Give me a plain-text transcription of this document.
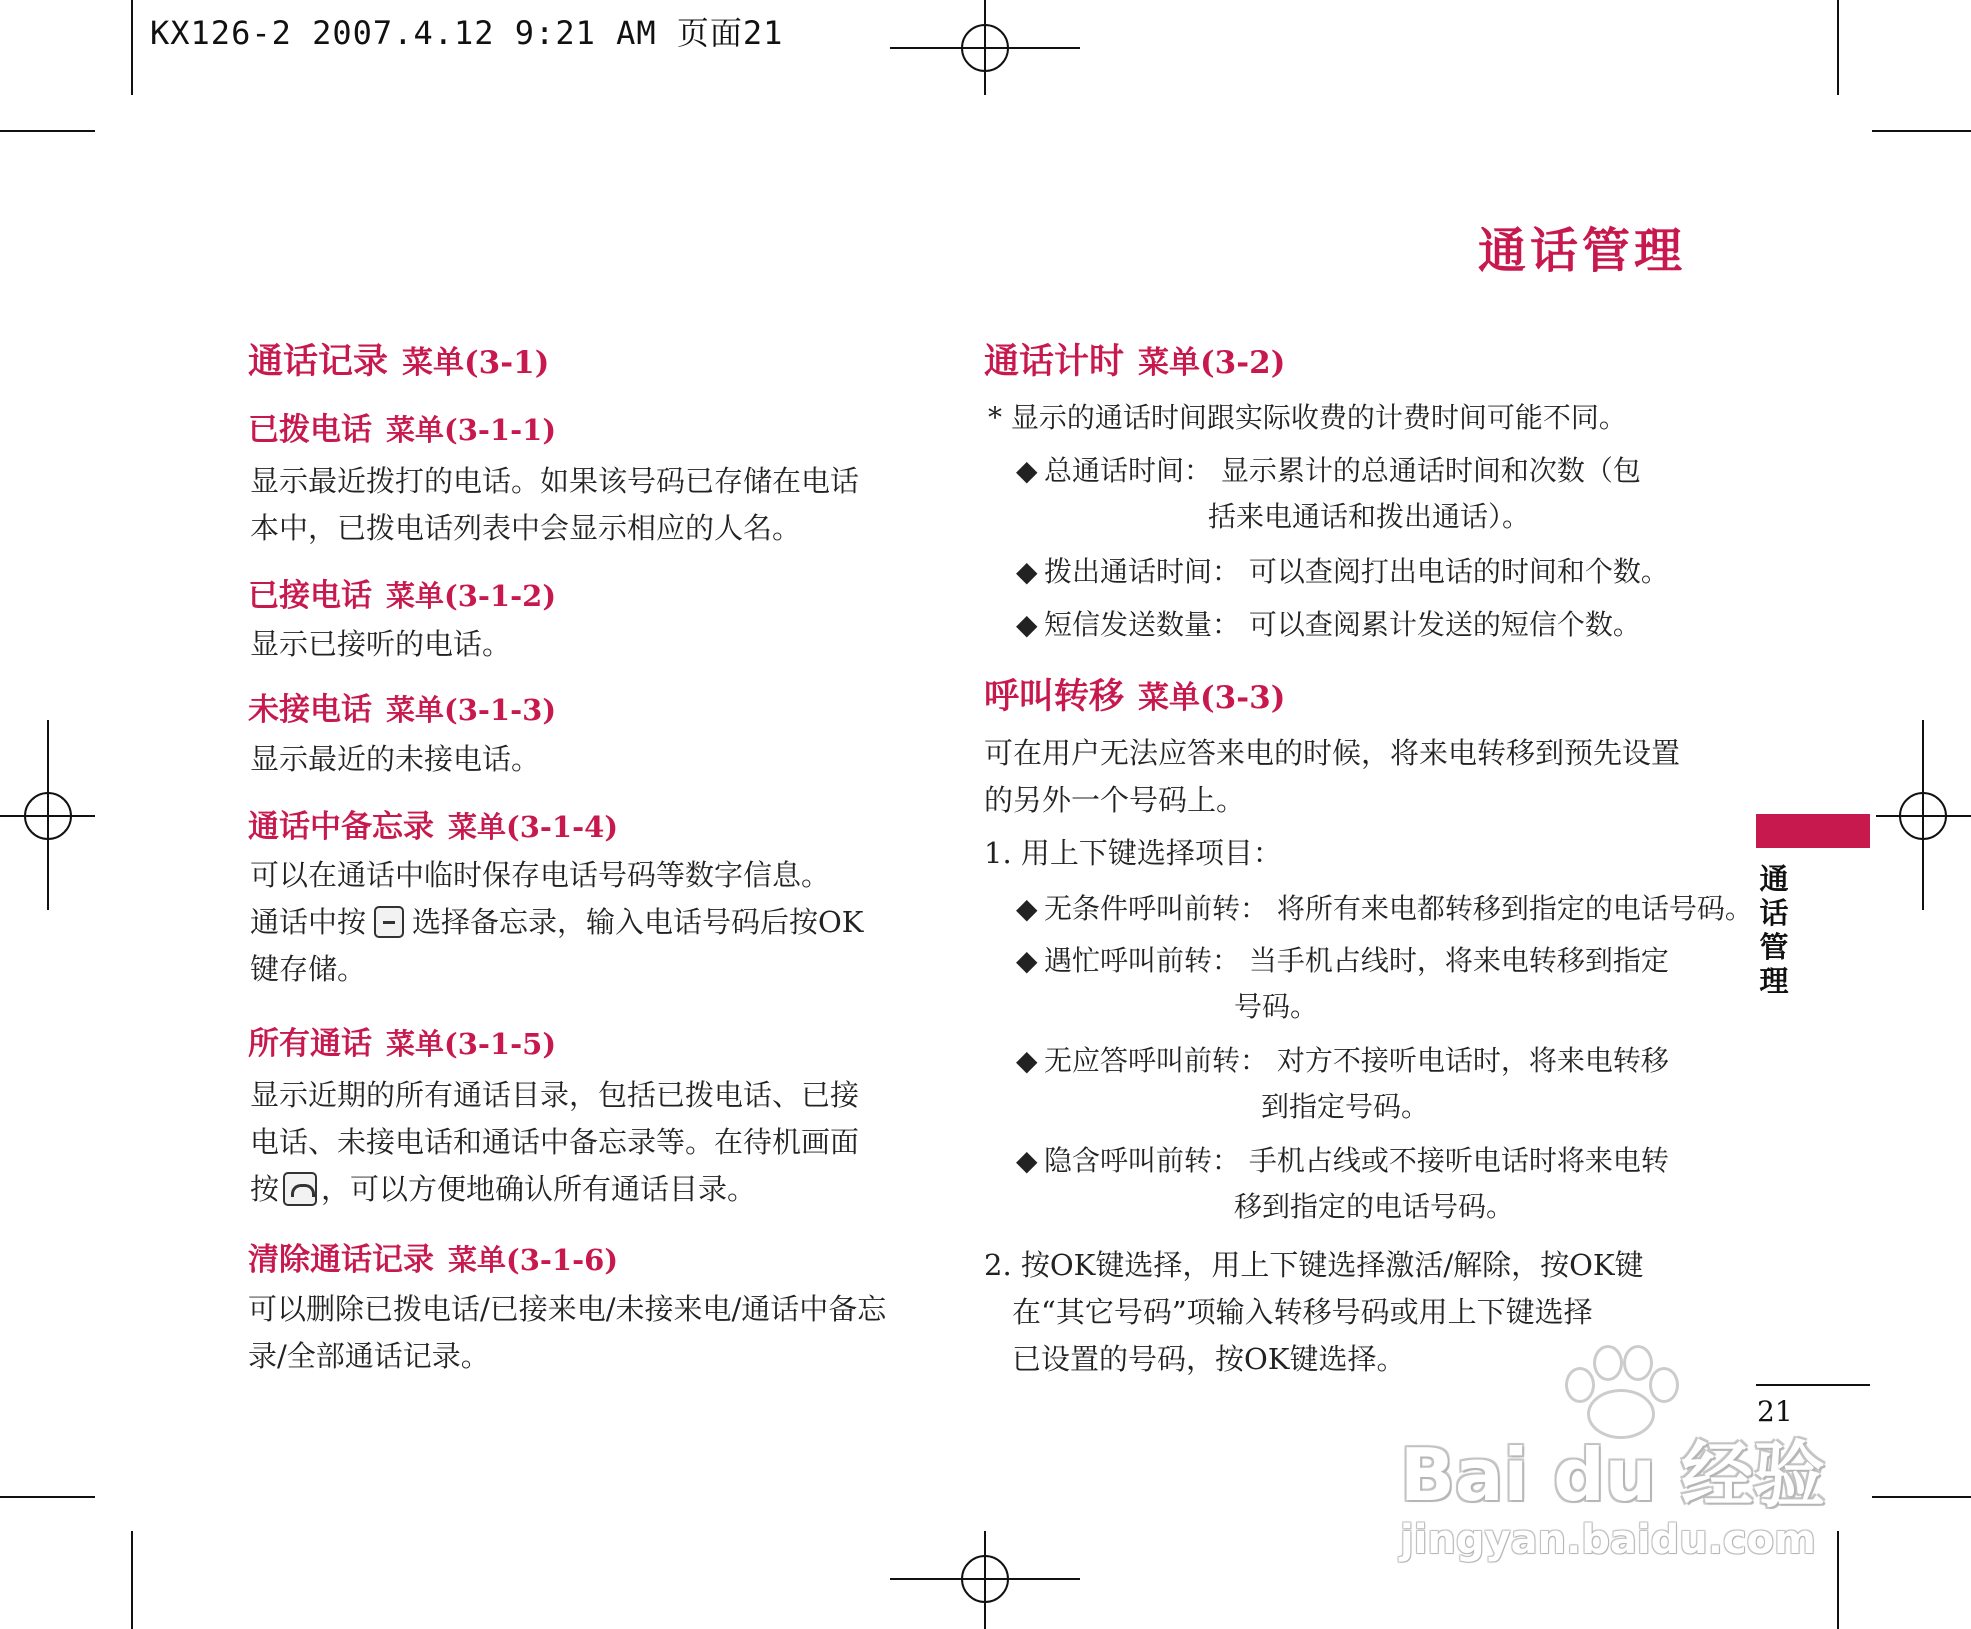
KX126-2 2007.4.12 9:21 AM 页面21
通话管理
通话记录 菜单(3-1)
已拨电话 菜单(3-1-1)
显示最近拨打的电话。如果该号码已存储在电话
本中，已拨电话列表中会显示相应的人名。
已接电话 菜单(3-1-2)
显示已接听的电话。
未接电话 菜单(3-1-3)
显示最近的未接电话。
通话中备忘录 菜单(3-1-4)
可以在通话中临时保存电话号码等数字信息。
通话中按 选择备忘录，输入电话号码后按OK
键存储。
所有通话 菜单(3-1-5)
显示近期的所有通话目录，包括已拨电话、已接
电话、未接电话和通话中备忘录等。在待机画面
按 ，可以方便地确认所有通话目录。
清除通话记录 菜单(3-1-6)
可以删除已拨电话/已接来电/未接来电/通话中备忘
录/全部通话记录。
通话计时 菜单(3-2)
* 显示的通话时间跟实际收费的计费时间可能不同。
◆ 总通话时间： 显示累计的总通话时间和次数（包
括来电通话和拨出通话）。
◆ 拨出通话时间： 可以查阅打出电话的时间和个数。
◆ 短信发送数量： 可以查阅累计发送的短信个数。
呼叫转移 菜单(3-3)
可在用户无法应答来电的时候，将来电转移到预先设置
的另外一个号码上。
1. 用上下键选择项目：
◆ 无条件呼叫前转： 将所有来电都转移到指定的电话号码。
◆ 遇忙呼叫前转： 当手机占线时，将来电转移到指定
号码。
◆ 无应答呼叫前转： 对方不接听电话时，将来电转移
到指定号码。
◆ 隐含呼叫前转： 手机占线或不接听电话时将来电转
移到指定的电话号码。
2. 按OK键选择，用上下键选择激活/解除，按OK键
在“其它号码”项输入转移号码或用上下键选择
已设置的号码，按OK键选择。
通
话
管
理
21
Bai du 经验
jingyan.baidu.com
